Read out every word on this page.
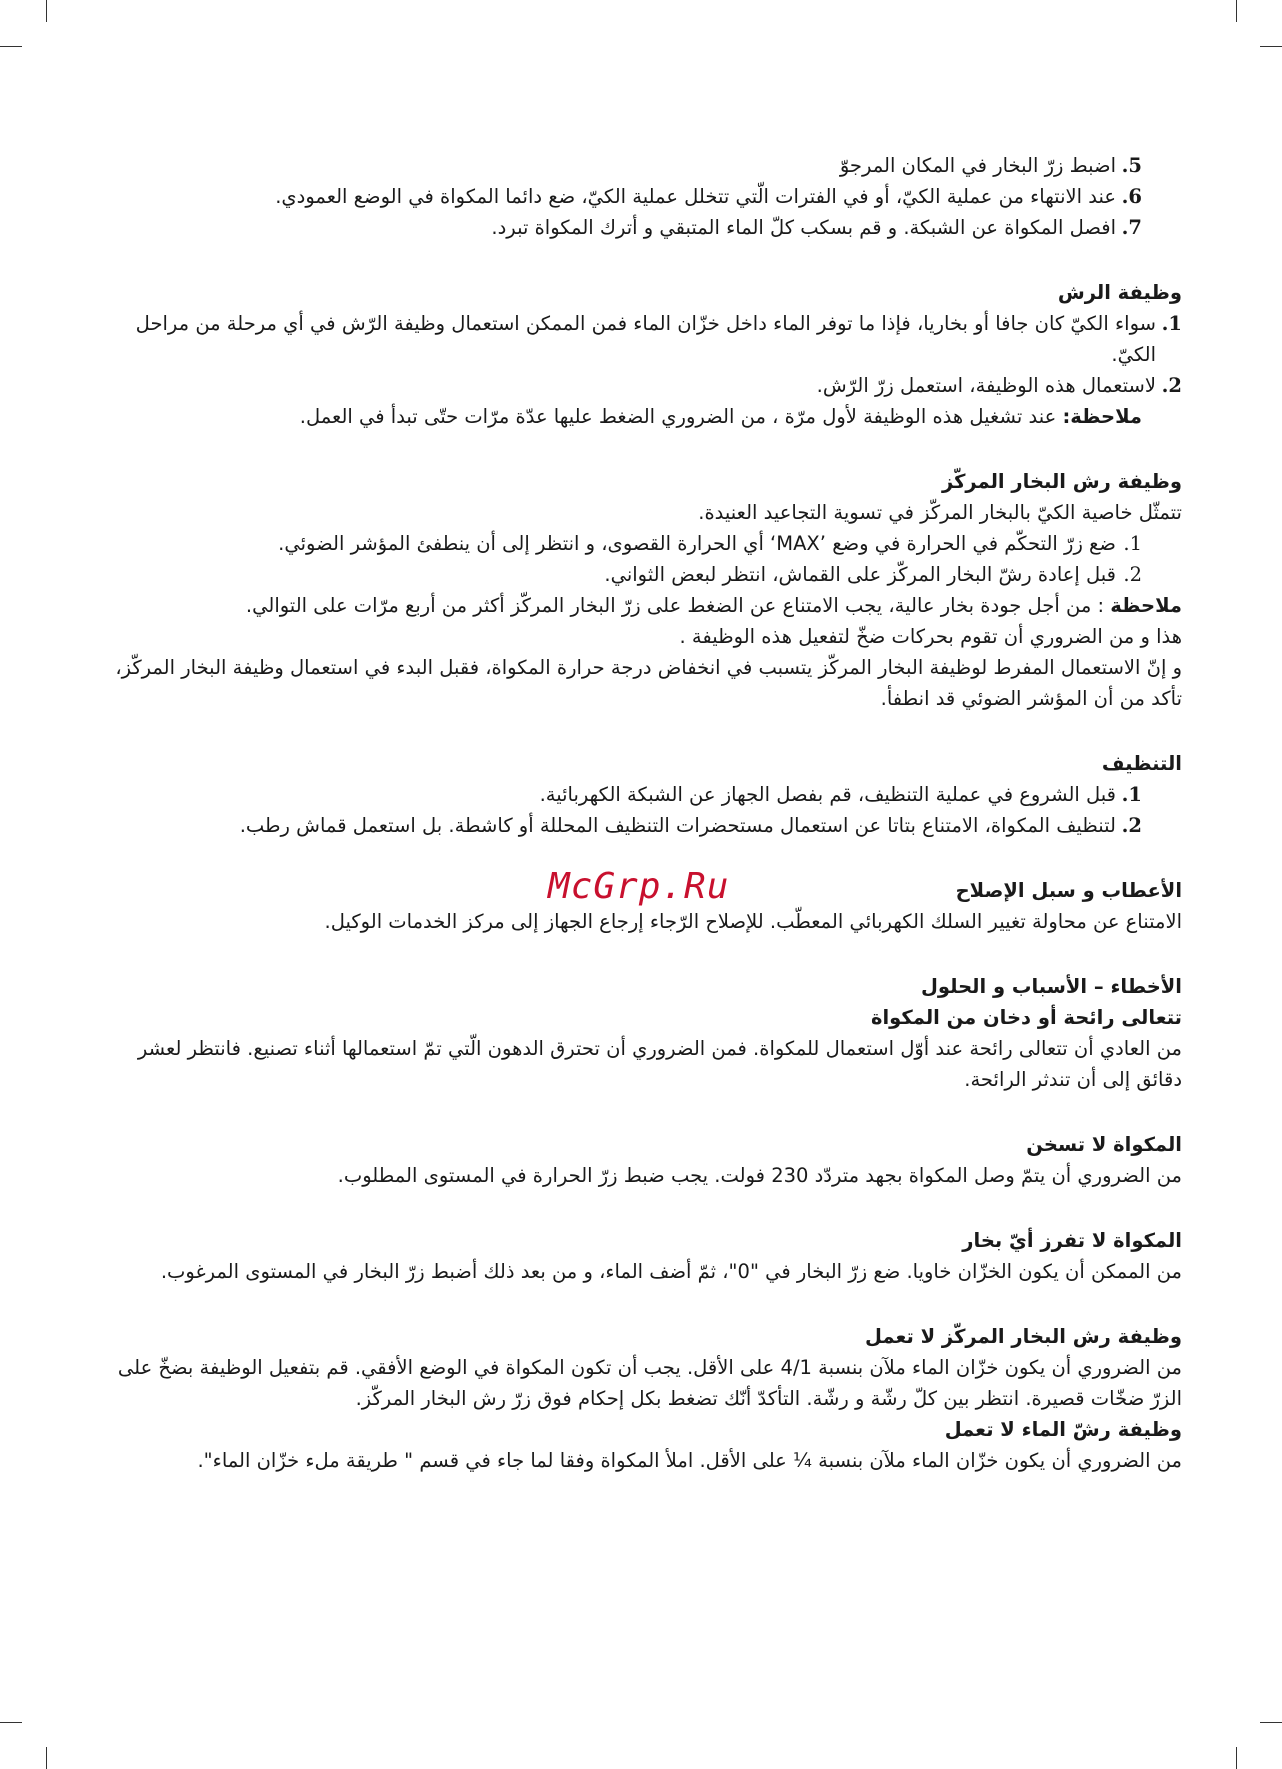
5.
اضبط زرّ البخار في المكان المرجوّ
6.
عند الانتهاء من عملية الكيّ، أو في الفترات الّتي تتخلل عملية الكيّ، ضع دائما المكواة في الوضع العمودي.
7.
افصل المكواة عن الشبكة. و قم بسكب كلّ الماء المتبقي و أترك المكواة تبرد.
وظيفة الرش
1.
سواء الكيّ كان جافا أو بخاريا، فإذا ما توفر الماء داخل خزّان الماء فمن الممكن استعمال وظيفة الرّش في أي مرحلة من مراحل الكيّ.
2.
لاستعمال هذه الوظيفة، استعمل زرّ الرّش.

ملاحظة: عند تشغيل هذه الوظيفة لأول مرّة ، من الضروري الضغط عليها عدّة مرّات حتّى تبدأ في العمل.

وظيفة رش البخار المركّز

تتمثّل خاصية الكيّ بالبخار المركّز في تسوية التجاعيد العنيدة.

1.
ضع زرّ التحكّم في الحرارة في وضع ’MAX‘ أي الحرارة القصوى، و انتظر إلى أن ينطفئ المؤشر الضوئي.
2.
قبل إعادة رشّ البخار المركّز على القماش، انتظر لبعض الثواني.

ملاحظة : من أجل جودة بخار عالية، يجب الامتناع عن الضغط على زرّ البخار المركّز أكثر من أربع مرّات على التوالي.

هذا و من الضروري أن تقوم بحركات ضخّ لتفعيل هذه الوظيفة .

و إنّ الاستعمال المفرط لوظيفة البخار المركّز يتسبب في انخفاض درجة حرارة المكواة، فقبل البدء في استعمال وظيفة البخار المركّز، تأكد من أن المؤشر الضوئي قد انطفأ.

التنظيف
1.
قبل الشروع في عملية التنظيف، قم بفصل الجهاز عن الشبكة الكهربائية.
2.
لتنظيف المكواة، الامتناع بتاتا عن استعمال مستحضرات التنظيف المحللة أو كاشطة. بل استعمل قماش رطب.
الأعطاب و سبل الإصلاح

الامتناع عن محاولة تغيير السلك الكهربائي المعطّب. للإصلاح الرّجاء إرجاع الجهاز إلى مركز الخدمات الوكيل.

الأخطاء – الأسباب و الحلول
تتعالى رائحة أو دخان من المكواة

من العادي أن تتعالى رائحة عند أوّل استعمال للمكواة. فمن الضروري أن تحترق الدهون الّتي تمّ استعمالها أثناء تصنيع. فانتظر لعشر دقائق إلى أن تندثر الرائحة.

المكواة لا تسخن

من الضروري أن يتمّ وصل المكواة بجهد متردّد 230 فولت. يجب ضبط زرّ الحرارة في المستوى المطلوب.

المكواة لا تفرز أيّ بخار

من الممكن أن يكون الخزّان خاويا. ضع زرّ البخار في "0"، ثمّ أضف الماء، و من بعد ذلك أضبط زرّ البخار في المستوى المرغوب.

وظيفة رش البخار المركّز لا تعمل

من الضروري أن يكون خزّان الماء ملآن بنسبة 4/1 على الأقل. يجب أن تكون المكواة في الوضع الأفقي. قم بتفعيل الوظيفة بضخّ على الزرّ ضخّات قصيرة. انتظر بين كلّ رشّة و رشّة. التأكدّ أنّك تضغط بكل إحكام فوق زرّ رش البخار المركّز.

وظيفة رشّ الماء لا تعمل

من الضروري أن يكون خزّان الماء ملآن بنسبة ¼ على الأقل. املأ المكواة وفقا لما جاء في قسم " طريقة ملء خزّان الماء".

McGrp.Ru
